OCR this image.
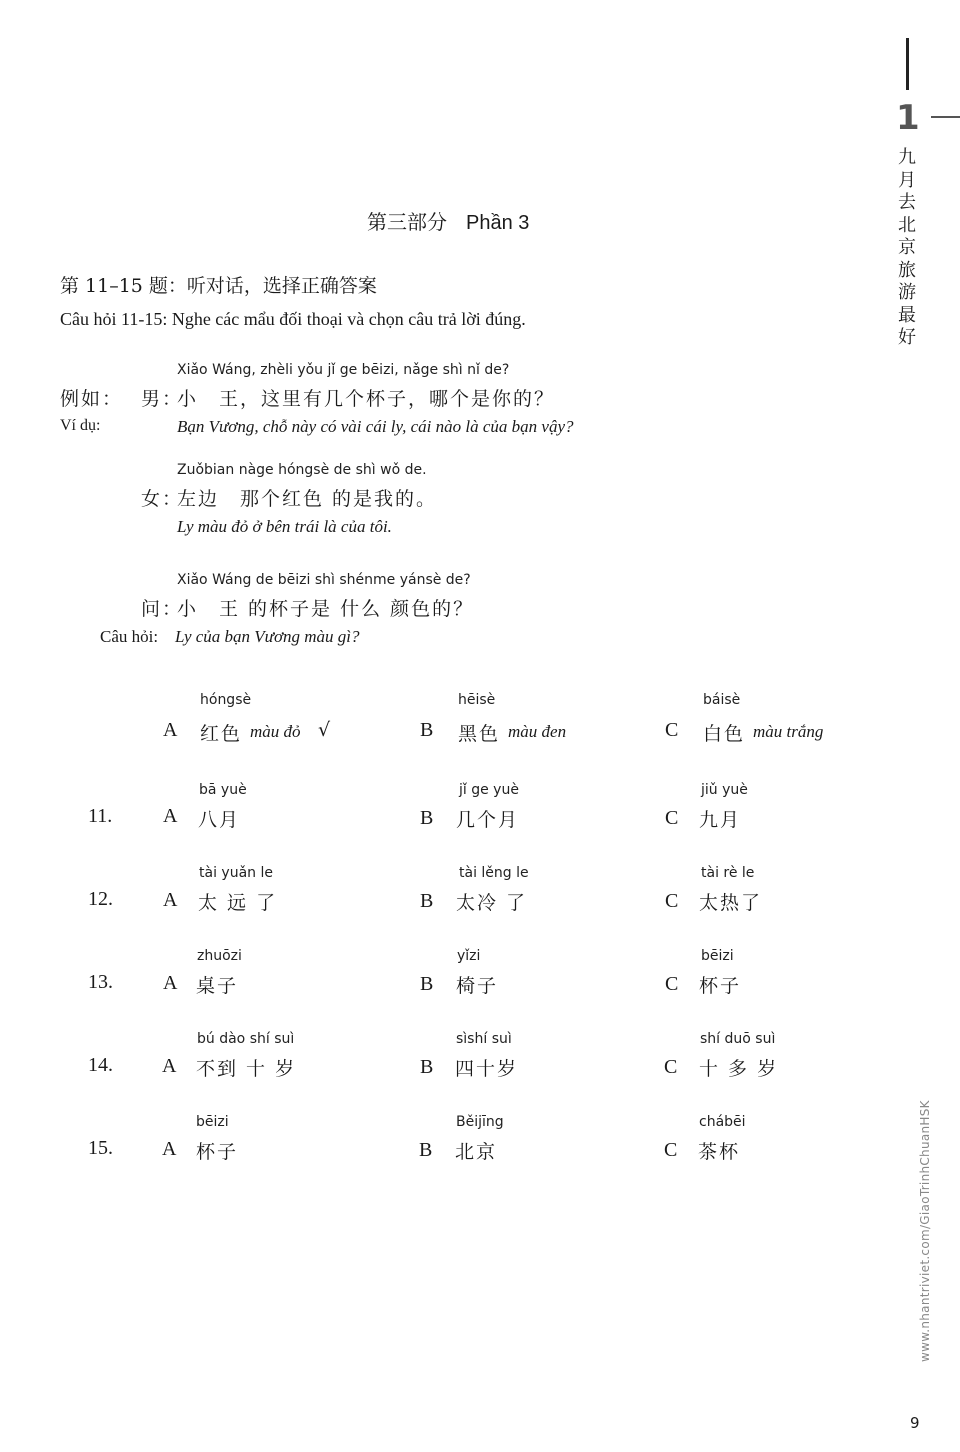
1
九月去北京旅游最好
www.nhantriviet.com/GiaoTrinhChuanHSK
9
第三部分 Phần 3
第 11–15 题：听对话，选择正确答案
Câu hỏi 11-15: Nghe các mẩu đối thoại và chọn câu trả lời đúng.
Xiǎo Wáng, zhèli yǒu jǐ ge bēizi, nǎge shì nǐ de?
例如： 男：
小　王，这里有几个杯子，哪个是你的？
Ví dụ:	Bạn Vương, chỗ này có vài cái ly, cái nào là của bạn vậy?
Zuǒbian nàge hóngsè de shì wǒ de.
女：
左边　那个红色 的是我的。
Ly màu đỏ ở bên trái là của tôi.
Xiǎo Wáng de bēizi shì shénme yánsè de?
问：
小　王 的杯子是 什么 颜色的？
Câu hỏi: Ly của bạn Vương màu gì?
hóngsè
A 红色 màu đỏ √
hēisè
B 黑色 màu đen
báisè
C 白色 màu trắng
11.
bā yuè
A 八月
jǐ ge yuè
B 几个月
jiǔ yuè
C 九月
12.
tài yuǎn le
A 太 远 了
tài lěng le
B 太冷 了
tài rè le
C 太热了
13.
zhuōzi
A 桌子
yǐzi
B 椅子
bēizi
C 杯子
14.
bú dào shí suì
A 不到 十 岁
sìshí suì
B 四十岁
shí duō suì
C 十 多 岁
15.
bēizi
A 杯子
Běijīng
B 北京
chábēi
C 茶杯
